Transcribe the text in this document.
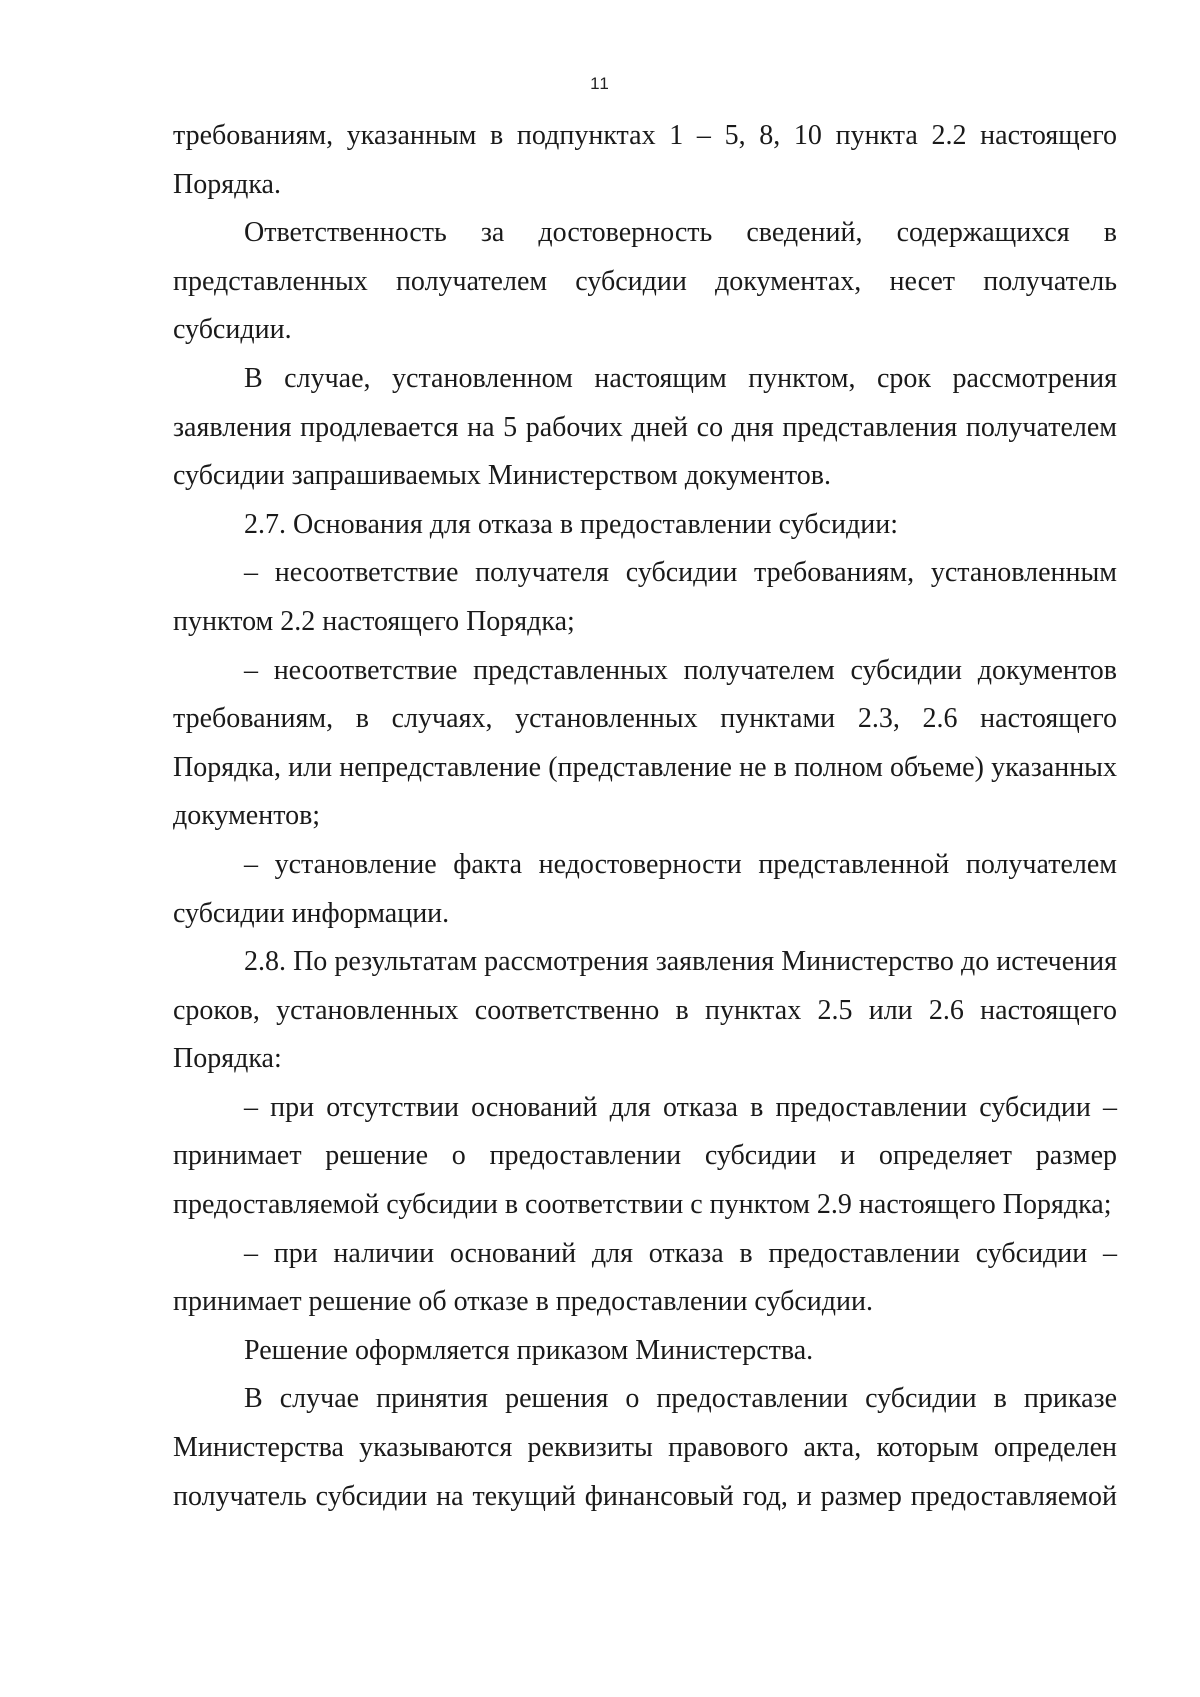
11

требованиям, указанным в подпунктах 1 – 5, 8, 10 пункта 2.2 настоящего Порядка.

Ответственность за достоверность сведений, содержащихся в представленных получателем субсидии документах, несет получатель субсидии.

В случае, установленном настоящим пунктом, срок рассмотрения заявления продлевается на 5 рабочих дней со дня представления получателем субсидии запрашиваемых Министерством документов.

2.7. Основания для отказа в предоставлении субсидии:

– несоответствие получателя субсидии требованиям, установленным пунктом 2.2 настоящего Порядка;

– несоответствие представленных получателем субсидии документов требованиям, в случаях, установленных пунктами 2.3, 2.6 настоящего Порядка, или непредставление (представление не в полном объеме) указанных документов;

– установление факта недостоверности представленной получателем субсидии информации.

2.8. По результатам рассмотрения заявления Министерство до истечения сроков, установленных соответственно в пунктах 2.5 или 2.6 настоящего Порядка:

– при отсутствии оснований для отказа в предоставлении субсидии – принимает решение о предоставлении субсидии и определяет размер предоставляемой субсидии в соответствии с пунктом 2.9 настоящего Порядка;

– при наличии оснований для отказа в предоставлении субсидии – принимает решение об отказе в предоставлении субсидии.

Решение оформляется приказом Министерства.

В случае принятия решения о предоставлении субсидии в приказе Министерства указываются реквизиты правового акта, которым определен получатель субсидии на текущий финансовый год, и размер предоставляемой
